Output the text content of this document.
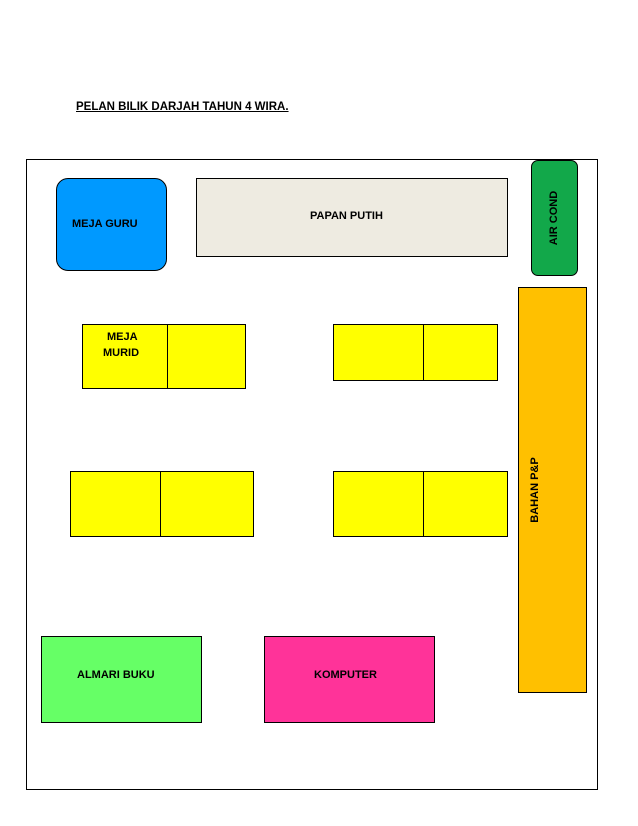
PELAN BILIK DARJAH TAHUN 4 WIRA.
MEJA GURU
PAPAN PUTIH	AIR COND
BAHAN P&P
MEJA
MURID
ALMARI BUKU	KOMPUTER
